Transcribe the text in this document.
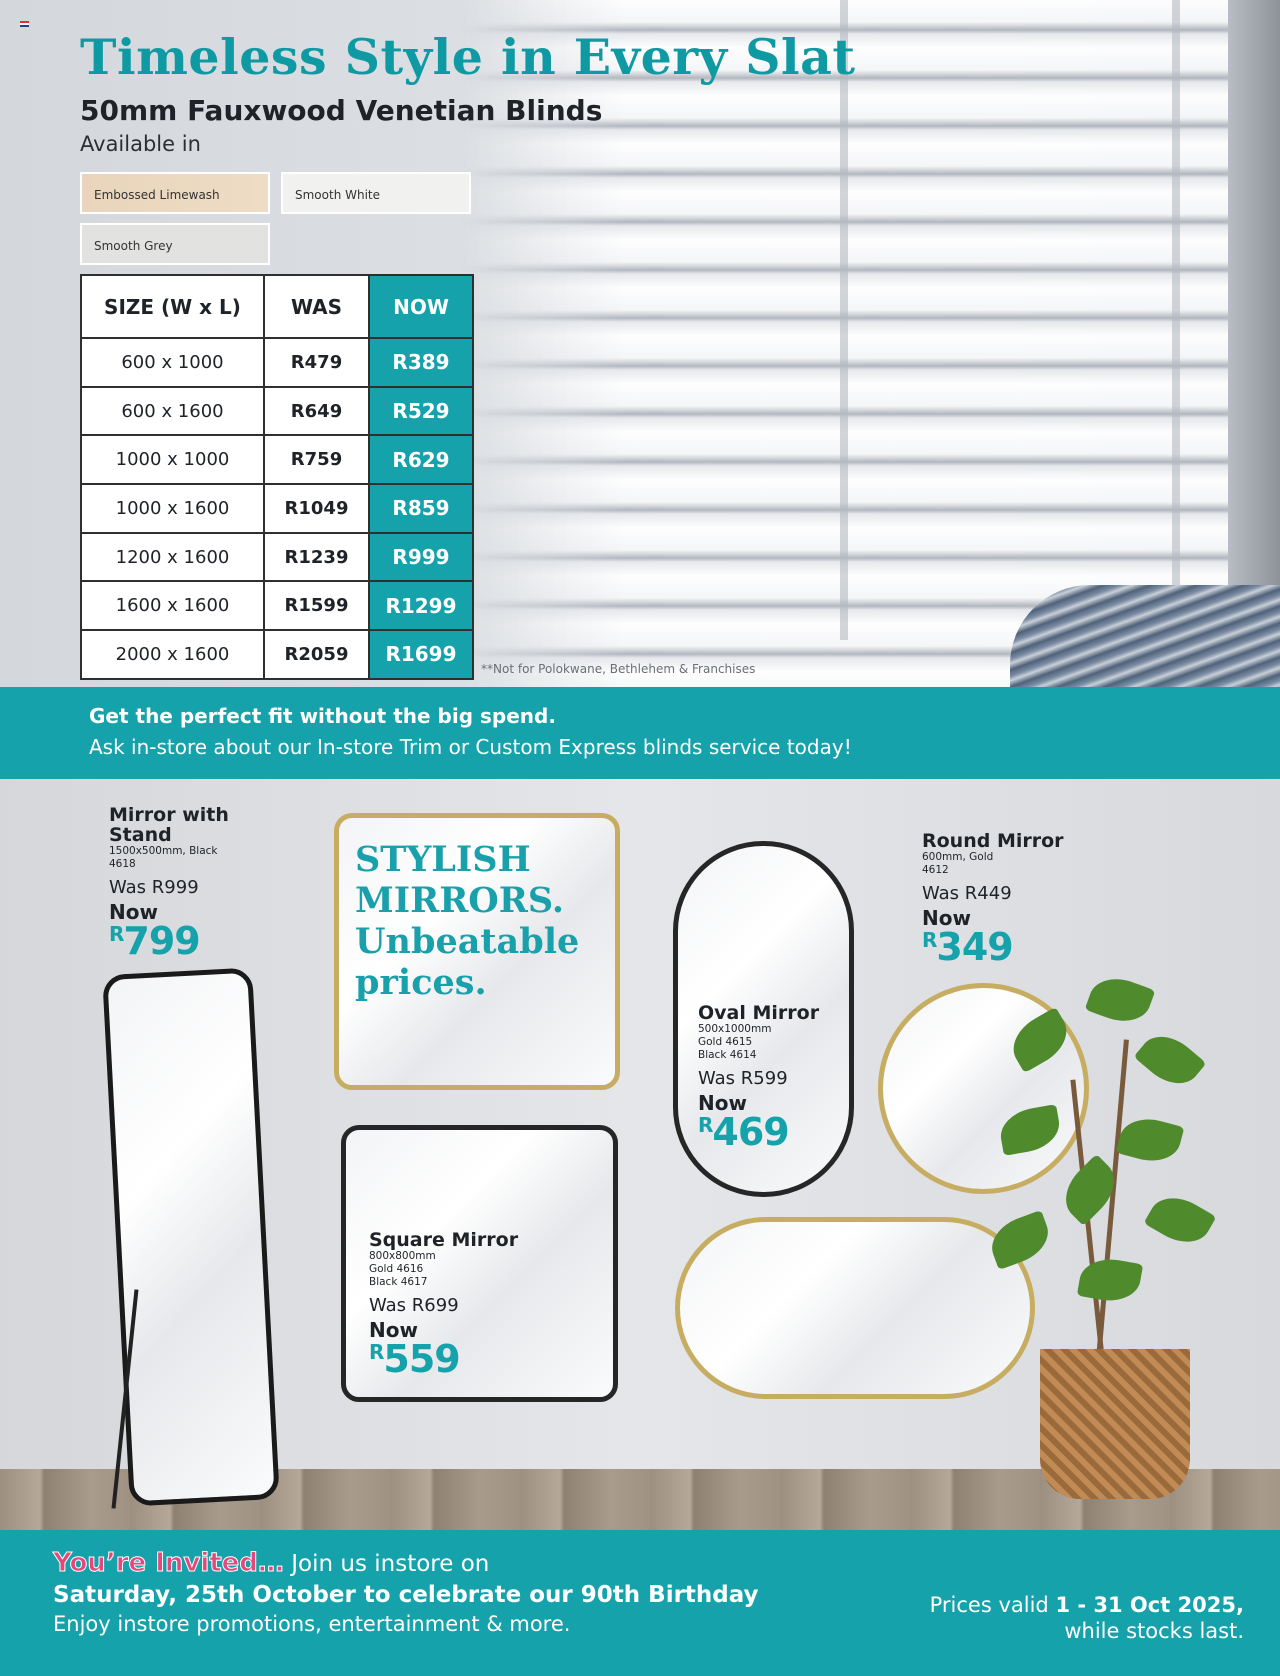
Timeless Style in Every Slat
50mm Fauxwood Venetian Blinds
Available in
Embossed Limewash	Smooth White
Smooth Grey
SIZE (W x L)	WAS	NOW
600 x 1000	R479	R389
600 x 1600	R649	R529
1000 x 1000	R759	R629
1000 x 1600	R1049	R859
1200 x 1600	R1239	R999
1600 x 1600	R1599	R1299
2000 x 1600	R2059	R1699
**Not for Polokwane, Bethlehem & Franchises
Get the perfect fit without the big spend.
Ask in-store about our In-store Trim or Custom Express blinds service today!
STYLISH
MIRRORS.
Unbeatable
prices.
Mirror with
Stand
1500x500mm, Black
4618
Was R999
Now
$^R$799
Round Mirror
600mm, Gold
4612
Was R449
Now
$^R$349
Oval Mirror
500x1000mm
Gold 4615
Black 4614
Was R599
Now
$^R$469
Square Mirror
800x800mm
Gold 4616
Black 4617
Was R699
Now
$^R$559
You’re Invited… Join us instore on
Saturday, 25th October to celebrate our 90th Birthday
Enjoy instore promotions, entertainment & more.
Prices valid 1 - 31 Oct 2025,
while stocks last.
